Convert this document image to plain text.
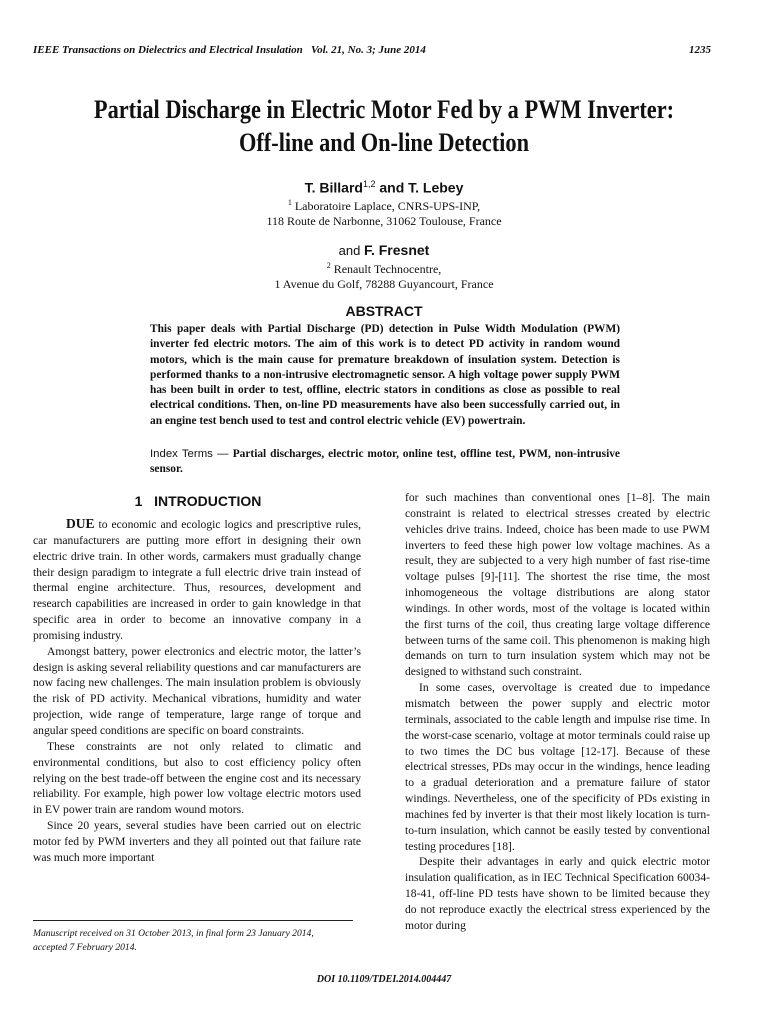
IEEE Transactions on Dielectrics and Electrical Insulation   Vol. 21, No. 3; June 2014	1235
Partial Discharge in Electric Motor Fed by a PWM Inverter:
Off-line and On-line Detection
T. Billard$^{1,2}$ and T. Lebey
$^1$ Laboratoire Laplace, CNRS-UPS-INP,
118 Route de Narbonne, 31062 Toulouse, France
and F. Fresnet
$^2$ Renault Technocentre,
1 Avenue du Golf, 78288 Guyancourt, France
ABSTRACT
This paper deals with Partial Discharge (PD) detection in Pulse Width Modulation (PWM) inverter fed electric motors. The aim of this work is to detect PD activity in random wound motors, which is the main cause for premature breakdown of insulation system. Detection is performed thanks to a non-intrusive electromagnetic sensor. A high voltage power supply PWM has been built in order to test, offline, electric stators in conditions as close as possible to real electrical conditions. Then, on-line PD measurements have also been successfully carried out, in an engine test bench used to test and control electric vehicle (EV) powertrain.
Index Terms — Partial discharges, electric motor, online test, offline test, PWM, non-intrusive sensor.
1   INTRODUCTION

DUE to economic and ecologic logics and prescriptive rules, car manufacturers are putting more effort in designing their own electric drive train. In other words, carmakers must gradually change their design paradigm to integrate a full electric drive train instead of thermal engine architecture. Thus, resources, development and research capabilities are increased in order to gain knowledge in that specific area in order to become an innovative company in a promising industry.

Amongst battery, power electronics and electric motor, the latter’s design is asking several reliability questions and car manufacturers are now facing new challenges. The main insulation problem is obviously the risk of PD activity. Mechanical vibrations, humidity and water projection, wide range of temperature, large range of torque and angular speed conditions are specific on board constraints.

These constraints are not only related to climatic and environmental conditions, but also to cost efficiency policy often relying on the best trade-off between the engine cost and its necessary reliability. For example, high power low voltage electric motors used in EV power train are random wound motors.

Since 20 years, several studies have been carried out on electric motor fed by PWM inverters and they all pointed out that failure rate was much more important

for such machines than conventional ones [1–8]. The main constraint is related to electrical stresses created by electric vehicles drive trains. Indeed, choice has been made to use PWM inverters to feed these high power low voltage machines. As a result, they are subjected to a very high number of fast rise-time voltage pulses [9]-[11]. The shortest the rise time, the most inhomogeneous the voltage distributions are along stator windings. In other words, most of the voltage is located within the first turns of the coil, thus creating large voltage difference between turns of the same coil. This phenomenon is making high demands on turn to turn insulation system which may not be designed to withstand such constraint.

In some cases, overvoltage is created due to impedance mismatch between the power supply and electric motor terminals, associated to the cable length and impulse rise time. In the worst-case scenario, voltage at motor terminals could raise up to two times the DC bus voltage [12-17]. Because of these electrical stresses, PDs may occur in the windings, hence leading to a gradual deterioration and a premature failure of stator windings. Nevertheless, one of the specificity of PDs existing in machines fed by inverter is that their most likely location is turn-to-turn insulation, which cannot be easily tested by conventional testing procedures [18].

Despite their advantages in early and quick electric motor insulation qualification, as in IEC Technical Specification 60034-18-41, off-line PD tests have shown to be limited because they do not reproduce exactly the electrical stress experienced by the motor during

Manuscript received on 31 October 2013, in final form 23 January 2014,
accepted 7 February 2014.
DOI 10.1109/TDEI.2014.004447
